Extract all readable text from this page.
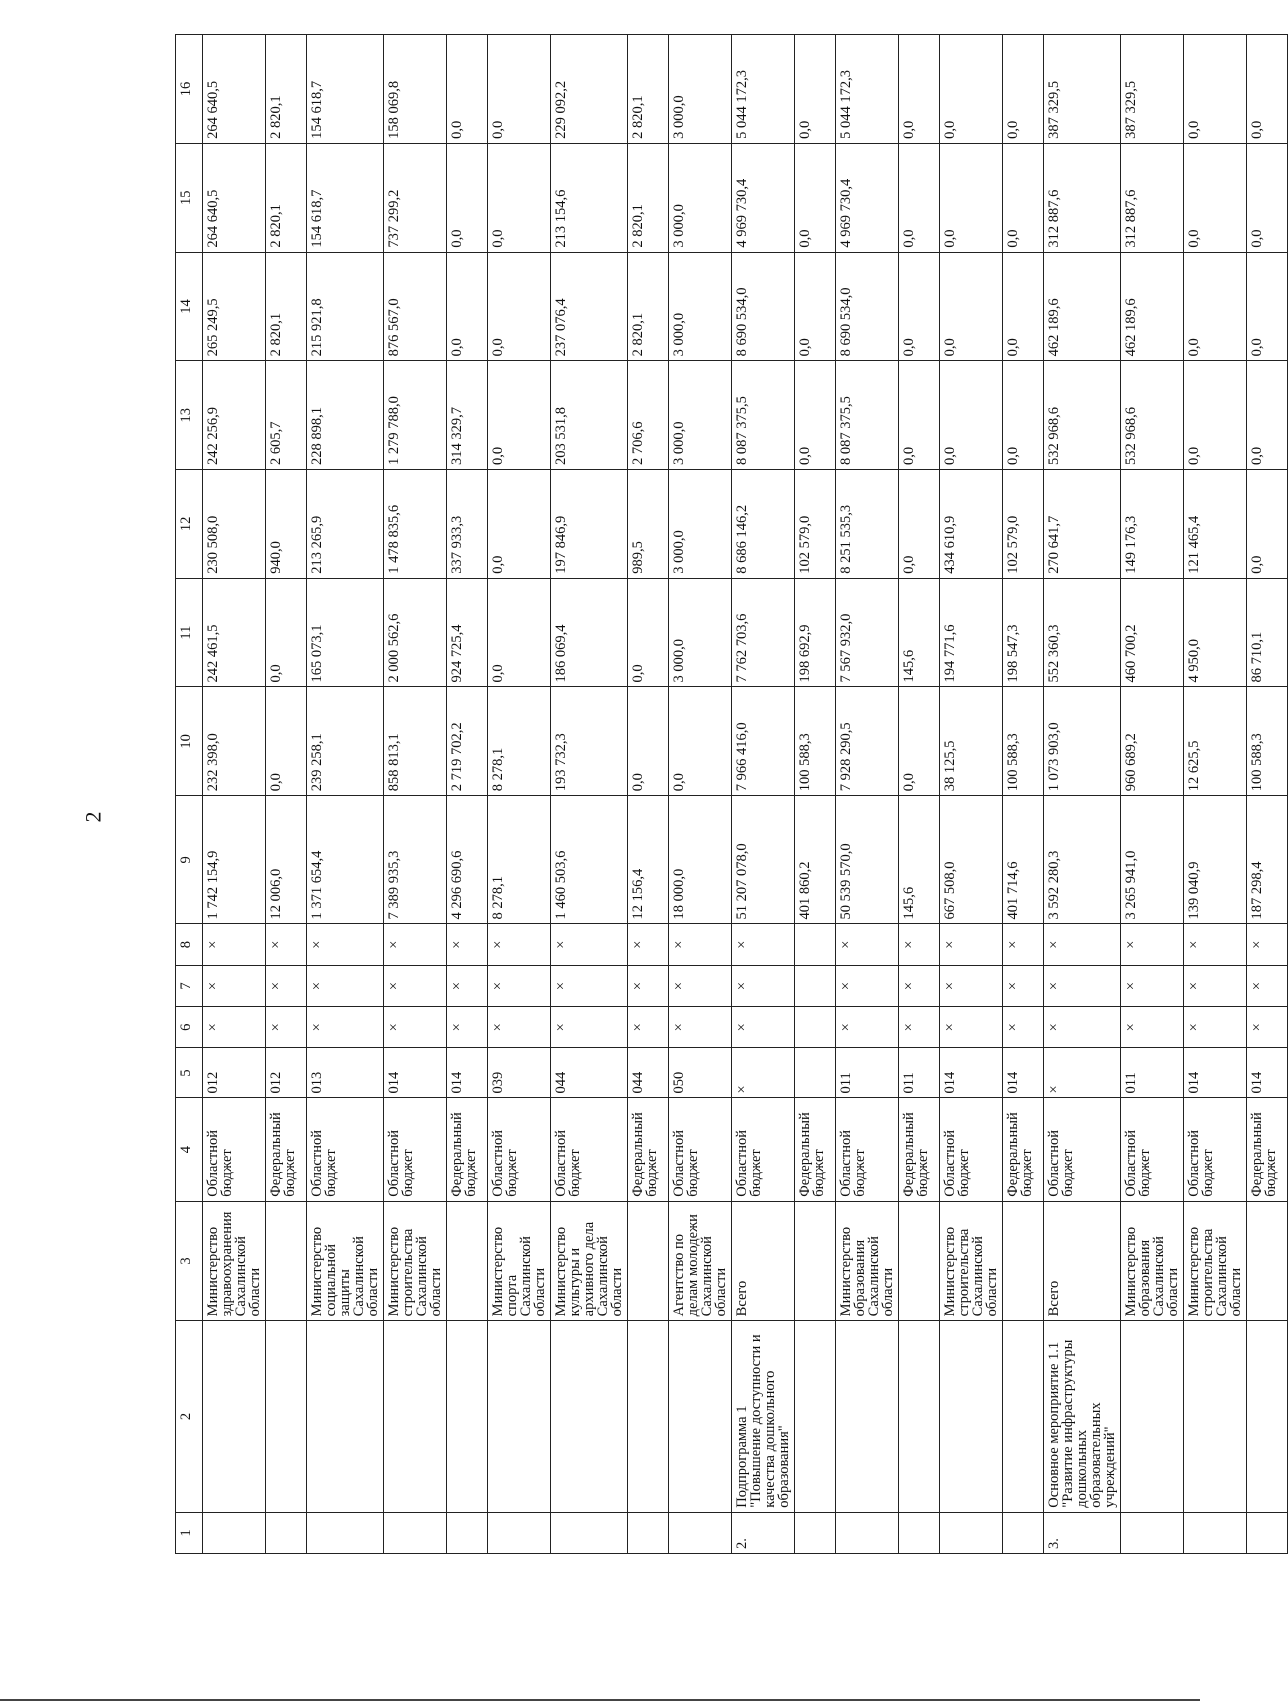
2
1	2	3	4	5	6	7	8	9	10	11	12	13	14	15	16
		Министерство здравоохранения Сахалинской области	Областной бюджет	012	×	×	×	1 742 154,9	232 398,0	242 461,5	230 508,0	242 256,9	265 249,5	264 640,5	264 640,5
			Федеральный бюджет	012	×	×	×	12 006,0	0,0	0,0	940,0	2 605,7	2 820,1	2 820,1	2 820,1
		Министерство социальной защиты Сахалинской области	Областной бюджет	013	×	×	×	1 371 654,4	239 258,1	165 073,1	213 265,9	228 898,1	215 921,8	154 618,7	154 618,7
		Министерство строительства Сахалинской области	Областной бюджет	014	×	×	×	7 389 935,3	858 813,1	2 000 562,6	1 478 835,6	1 279 788,0	876 567,0	737 299,2	158 069,8
			Федеральный бюджет	014	×	×	×	4 296 690,6	2 719 702,2	924 725,4	337 933,3	314 329,7	0,0	0,0	0,0
		Министерство спорта Сахалинской области	Областной бюджет	039	×	×	×	8 278,1	8 278,1	0,0	0,0	0,0	0,0	0,0	0,0
		Министерство культуры и архивного дела Сахалинской области	Областной бюджет	044	×	×	×	1 460 503,6	193 732,3	186 069,4	197 846,9	203 531,8	237 076,4	213 154,6	229 092,2
			Федеральный бюджет	044	×	×	×	12 156,4	0,0	0,0	989,5	2 706,6	2 820,1	2 820,1	2 820,1
		Агентство по делам молодежи Сахалинской области	Областной бюджет	050	×	×	×	18 000,0	0,0	3 000,0	3 000,0	3 000,0	3 000,0	3 000,0	3 000,0
2.	Подпрограмма 1 "Повышение доступности и качества дошкольного образования"	Всего	Областной бюджет	×	×	×	×	51 207 078,0	7 966 416,0	7 762 703,6	8 686 146,2	8 087 375,5	8 690 534,0	4 969 730,4	5 044 172,3
			Федеральный бюджет					401 860,2	100 588,3	198 692,9	102 579,0	0,0	0,0	0,0	0,0
		Министерство образования Сахалинской области	Областной бюджет	011	×	×	×	50 539 570,0	7 928 290,5	7 567 932,0	8 251 535,3	8 087 375,5	8 690 534,0	4 969 730,4	5 044 172,3
			Федеральный бюджет	011	×	×	×	145,6	0,0	145,6	0,0	0,0	0,0	0,0	0,0
		Министерство строительства Сахалинской области	Областной бюджет	014	×	×	×	667 508,0	38 125,5	194 771,6	434 610,9	0,0	0,0	0,0	0,0
			Федеральный бюджет	014	×	×	×	401 714,6	100 588,3	198 547,3	102 579,0	0,0	0,0	0,0	0,0
3.	Основное мероприятие 1.1 "Развитие инфраструктуры дошкольных образовательных учреждений"	Всего	Областной бюджет	×	×	×	×	3 592 280,3	1 073 903,0	552 360,3	270 641,7	532 968,6	462 189,6	312 887,6	387 329,5
		Министерство образования Сахалинской области	Областной бюджет	011	×	×	×	3 265 941,0	960 689,2	460 700,2	149 176,3	532 968,6	462 189,6	312 887,6	387 329,5
		Министерство строительства Сахалинской области	Областной бюджет	014	×	×	×	139 040,9	12 625,5	4 950,0	121 465,4	0,0	0,0	0,0	0,0
			Федеральный бюджет	014	×	×	×	187 298,4	100 588,3	86 710,1	0,0	0,0	0,0	0,0	0,0
